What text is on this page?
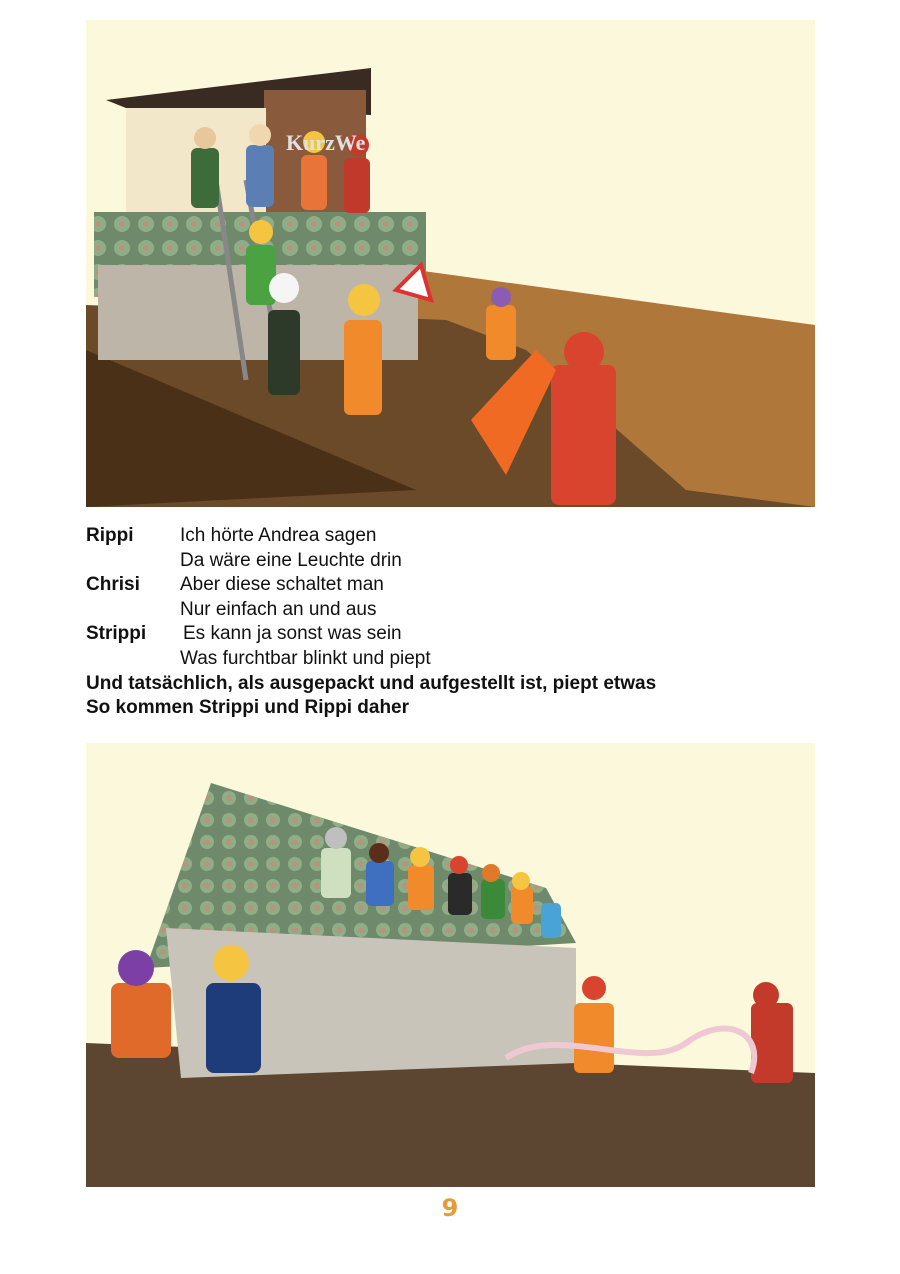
KurzWe
Rippi Ich hörte Andrea sagen
Da wäre eine Leuchte drin
Chrisi Aber diese schaltet man
Nur einfach an und aus
Strippi Es kann ja sonst was sein
Was furchtbar blinkt und piept
Und tatsächlich, als ausgepackt und aufgestellt ist, piept etwas
So kommen Strippi und Rippi daher
9
